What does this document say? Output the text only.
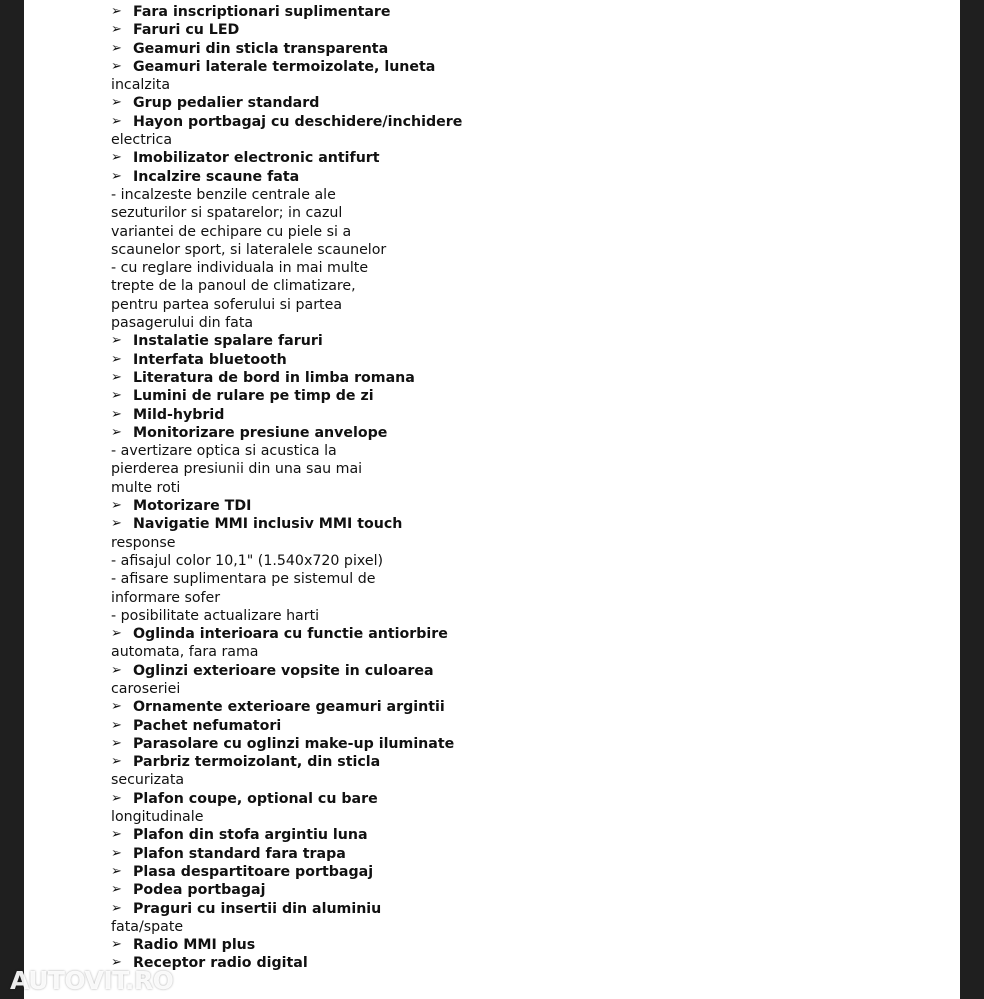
➢ Fara inscriptionari suplimentare
➢ Faruri cu LED
➢ Geamuri din sticla transparenta
➢ Geamuri laterale termoizolate, luneta
incalzita
➢ Grup pedalier standard
➢ Hayon portbagaj cu deschidere/inchidere
electrica
➢ Imobilizator electronic antifurt
➢ Incalzire scaune fata
- incalzeste benzile centrale ale
sezuturilor si spatarelor; in cazul
variantei de echipare cu piele si a
scaunelor sport, si lateralele scaunelor
- cu reglare individuala in mai multe
trepte de la panoul de climatizare,
pentru partea soferului si partea
pasagerului din fata
➢ Instalatie spalare faruri
➢ Interfata bluetooth
➢ Literatura de bord in limba romana
➢ Lumini de rulare pe timp de zi
➢ Mild-hybrid
➢ Monitorizare presiune anvelope
- avertizare optica si acustica la
pierderea presiunii din una sau mai
multe roti
➢ Motorizare TDI
➢ Navigatie MMI inclusiv MMI touch
response
- afisajul color 10,1" (1.540x720 pixel)
- afisare suplimentara pe sistemul de
informare sofer
- posibilitate actualizare harti
➢ Oglinda interioara cu functie antiorbire
automata, fara rama
➢ Oglinzi exterioare vopsite in culoarea
caroseriei
➢ Ornamente exterioare geamuri argintii
➢ Pachet nefumatori
➢ Parasolare cu oglinzi make-up iluminate
➢ Parbriz termoizolant, din sticla
securizata
➢ Plafon coupe, optional cu bare
longitudinale
➢ Plafon din stofa argintiu luna
➢ Plafon standard fara trapa
➢ Plasa despartitoare portbagaj
➢ Podea portbagaj
➢ Praguri cu insertii din aluminiu
fata/spate
➢ Radio MMI plus
➢ Receptor radio digital
AUTOVIT.RO
